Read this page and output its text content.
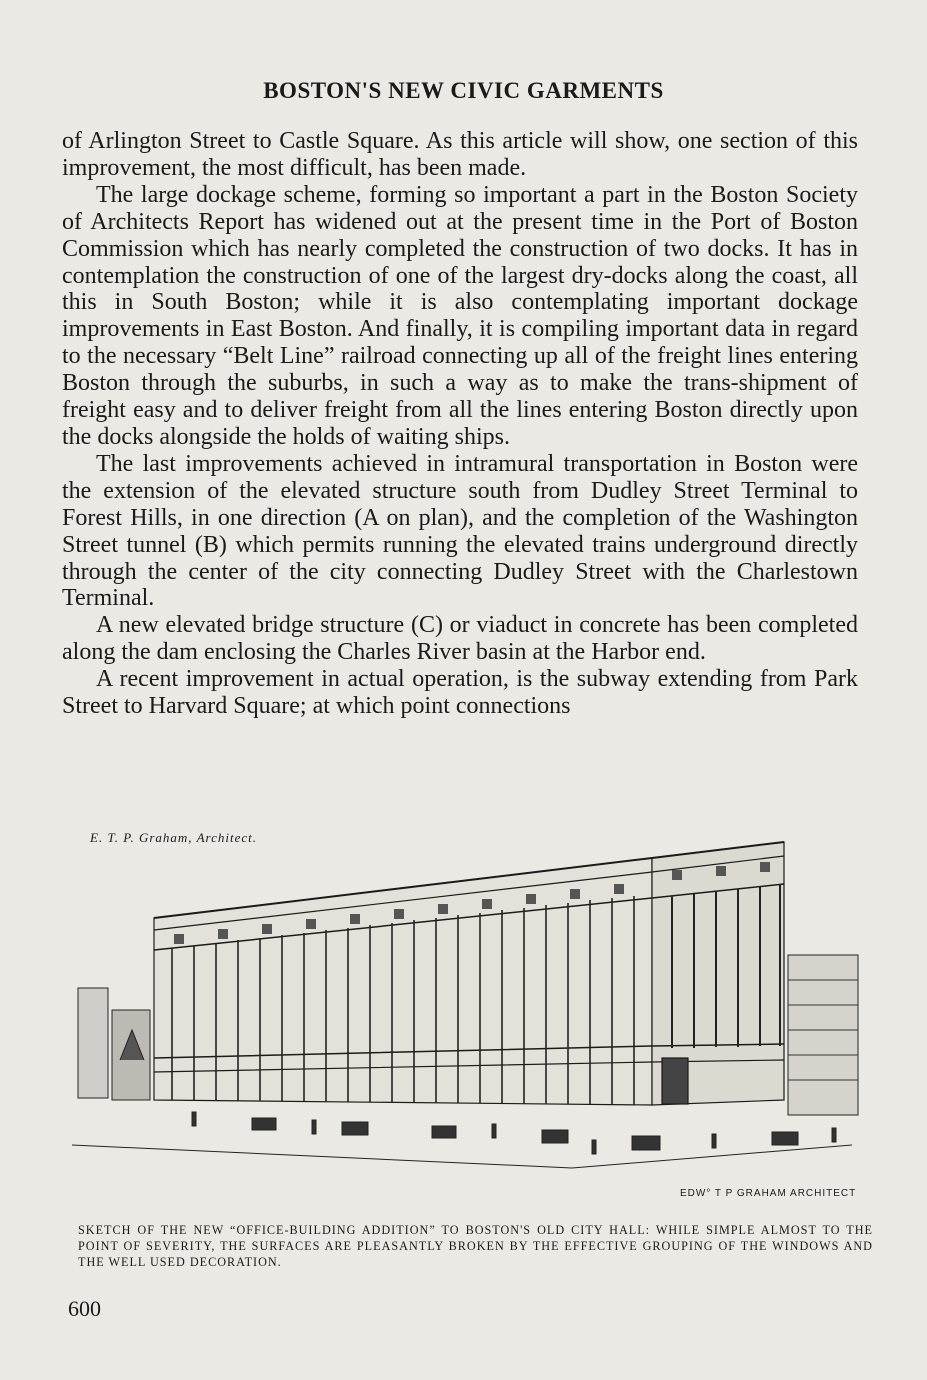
BOSTON'S NEW CIVIC GARMENTS

of Arlington Street to Castle Square. As this article will show, one section of this improvement, the most difficult, has been made.

The large dockage scheme, forming so important a part in the Boston Society of Architects Report has widened out at the present time in the Port of Boston Commission which has nearly completed the construction of two docks. It has in contemplation the construction of one of the largest dry-docks along the coast, all this in South Boston; while it is also contemplating important dockage improvements in East Boston. And finally, it is compiling important data in regard to the necessary “Belt Line” railroad connecting up all of the freight lines entering Boston through the suburbs, in such a way as to make the trans-shipment of freight easy and to deliver freight from all the lines entering Boston directly upon the docks alongside the holds of waiting ships.

The last improvements achieved in intramural transportation in Boston were the extension of the elevated structure south from Dudley Street Terminal to Forest Hills, in one direction (A on plan), and the completion of the Washington Street tunnel (B) which permits running the elevated trains underground directly through the center of the city connecting Dudley Street with the Charlestown Terminal.

A new elevated bridge structure (C) or viaduct in concrete has been completed along the dam enclosing the Charles River basin at the Harbor end.

A recent improvement in actual operation, is the subway extending from Park Street to Harvard Square; at which point connections

E. T. P. Graham, Architect.
EDW° T P GRAHAM ARCHITECT
SKETCH OF THE NEW “OFFICE-BUILDING ADDITION” TO BOSTON'S OLD CITY HALL: WHILE SIMPLE ALMOST TO THE POINT OF SEVERITY, THE SURFACES ARE PLEASANTLY BROKEN BY THE EFFECTIVE GROUPING OF THE WINDOWS AND THE WELL USED DECORATION.
600
